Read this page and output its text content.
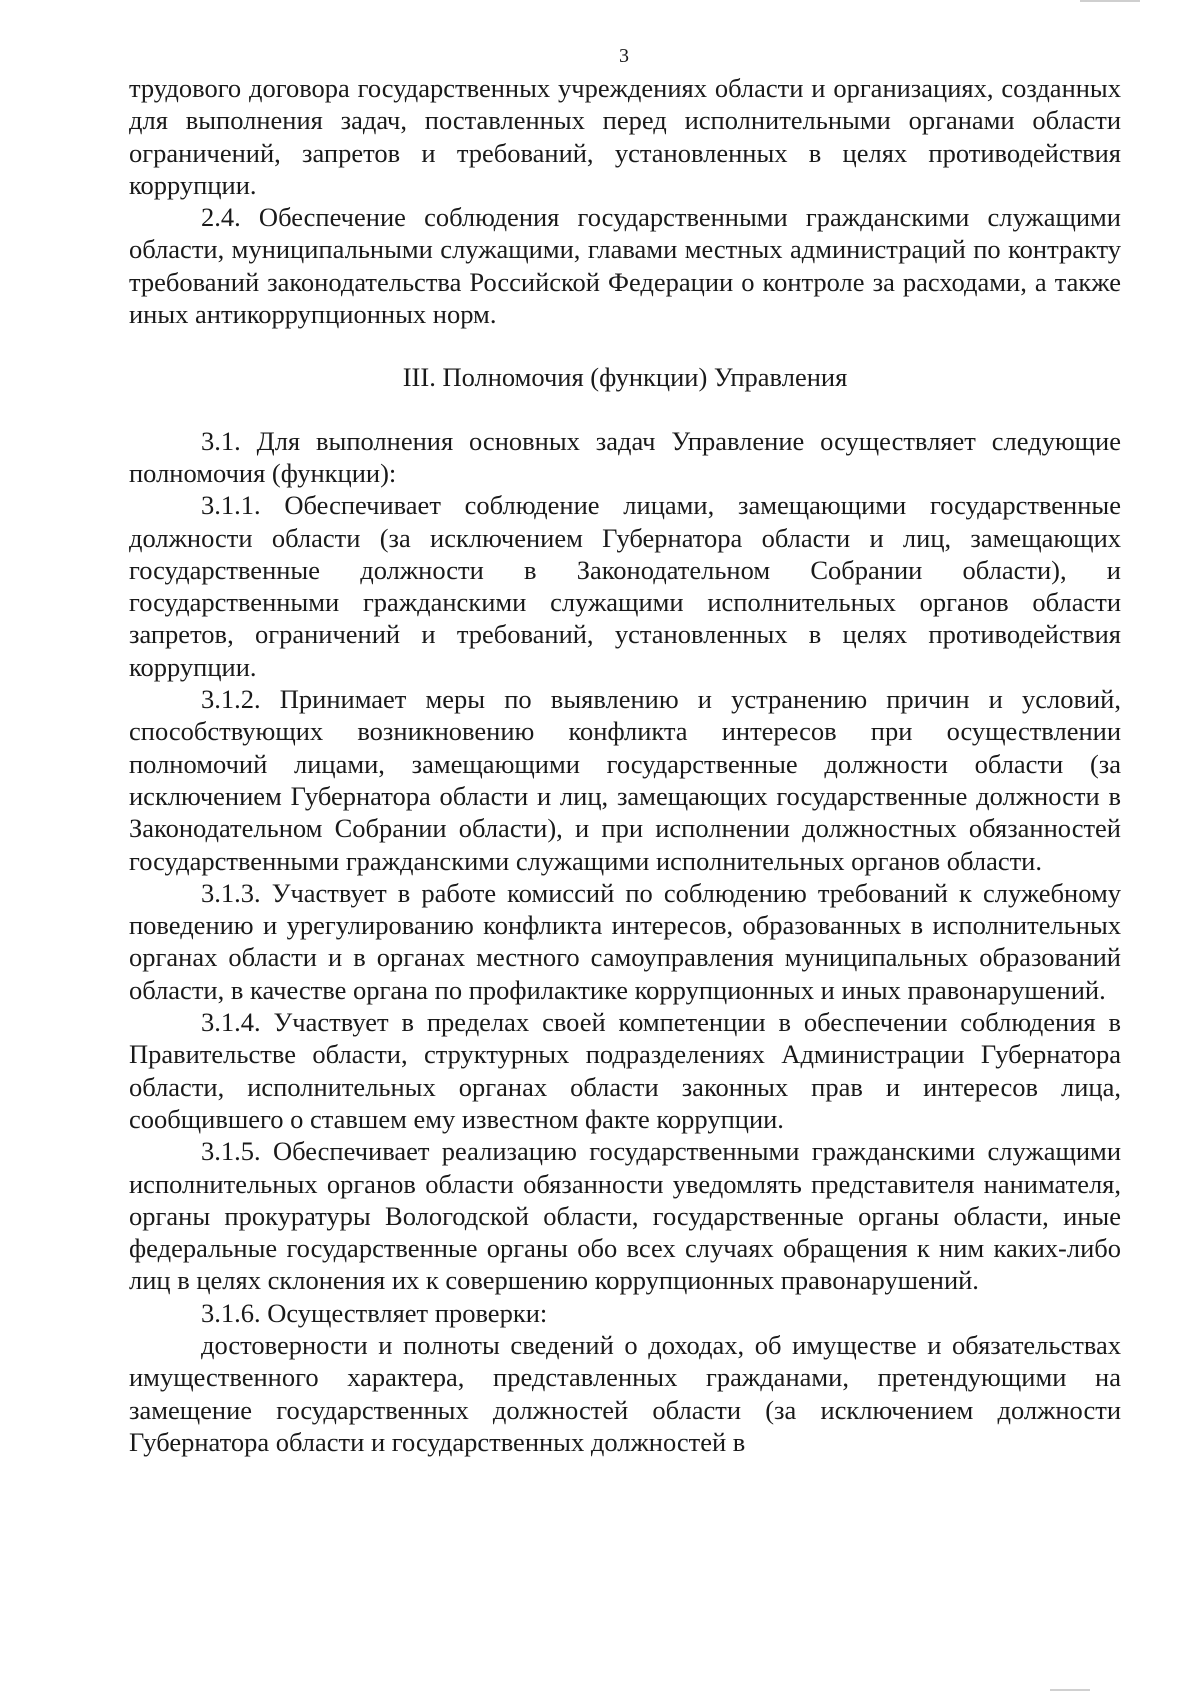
3

трудового договора государственных учреждениях области и организациях, созданных для выполнения задач, поставленных перед исполнительными органами области ограничений, запретов и требований, установленных в целях противодействия коррупции.

2.4. Обеспечение соблюдения государственными гражданскими служащими области, муниципальными служащими, главами местных администраций по контракту требований законодательства Российской Федерации о контроле за расходами, а также иных антикоррупционных норм.

III. Полномочия (функции) Управления

3.1. Для выполнения основных задач Управление осуществляет следующие полномочия (функции):

3.1.1. Обеспечивает соблюдение лицами, замещающими государственные должности области (за исключением Губернатора области и лиц, замещающих государственные должности в Законодательном Собрании области), и государственными гражданскими служащими исполнительных органов области запретов, ограничений и требований, установленных в целях противодействия коррупции.

3.1.2. Принимает меры по выявлению и устранению причин и условий, способствующих возникновению конфликта интересов при осуществлении полномочий лицами, замещающими государственные должности области (за исключением Губернатора области и лиц, замещающих государственные должности в Законодательном Собрании области), и при исполнении должностных обязанностей государственными гражданскими служащими исполнительных органов области.

3.1.3. Участвует в работе комиссий по соблюдению требований к служебному поведению и урегулированию конфликта интересов, образованных в исполнительных органах области и в органах местного самоуправления муниципальных образований области, в качестве органа по профилактике коррупционных и иных правонарушений.

3.1.4. Участвует в пределах своей компетенции в обеспечении соблюдения в Правительстве области, структурных подразделениях Администрации Губернатора области, исполнительных органах области законных прав и интересов лица, сообщившего о ставшем ему известном факте коррупции.

3.1.5. Обеспечивает реализацию государственными гражданскими служащими исполнительных органов области обязанности уведомлять представителя нанимателя, органы прокуратуры Вологодской области, государственные органы области, иные федеральные государственные органы обо всех случаях обращения к ним каких-либо лиц в целях склонения их к совершению коррупционных правонарушений.

3.1.6. Осуществляет проверки:

достоверности и полноты сведений о доходах, об имуществе и обязательствах имущественного характера, представленных гражданами, претендующими на замещение государственных должностей области (за исключением должности Губернатора области и государственных должностей в
